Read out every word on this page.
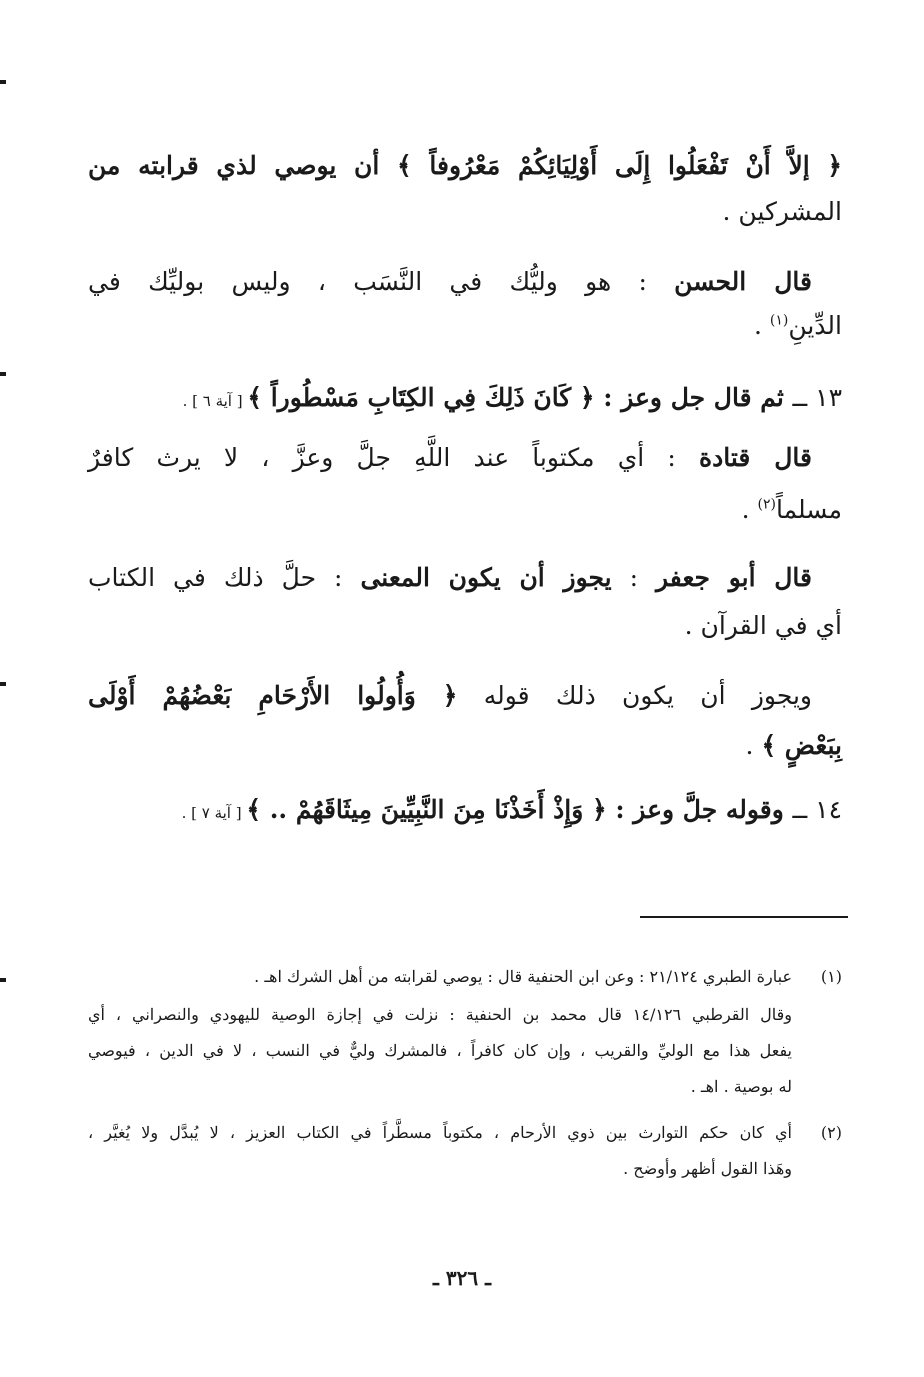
﴿ إلاَّ أَنْ تَفْعَلُوا إِلَى أَوْلِيَائِكُمْ مَعْرُوفاً ﴾ أن يوصي لذي قرابته من
المشركين .
قال الحسن : هو وليُّك في النَّسَب ، وليس بوليِّك في
الدِّينِ$^{(١)}$ .
١٣ ــ ثم قال جل وعز : ﴿ كَانَ ذَلِكَ فِي الكِتَابِ مَسْطُوراً ﴾ [ آية ٦ ] .
قال قتادة : أي مكتوباً عند اللَّهِ جلَّ وعزَّ ، لا يرث كافرٌ
مسلماً$^{(٢)}$ .
قال أبو جعفر : يجوز أن يكون المعنى : حلَّ ذلك في الكتاب
أي في القرآن .
ويجوز أن يكون ذلك قوله ﴿ وَأُولُوا الأَرْحَامِ بَعْضُهُمْ أَوْلَى
بِبَعْضٍ ﴾ .
١٤ ــ وقوله جلَّ وعز : ﴿ وَإِذْ أَخَذْنَا مِنَ النَّبِيِّينَ مِيثَاقَهُمْ .. ﴾ [ آية ٧ ] .
(١)
عبارة الطبري ٢١/١٢٤ : وعن ابن الحنفية قال : يوصي لقرابته من أهل الشرك اهـ .
وقال القرطبي ١٤/١٢٦ قال محمد بن الحنفية : نزلت في إجازة الوصية لليهودي والنصراني ، أي
يفعل هذا مع الوليِّ والقريب ، وإن كان كافراً ، فالمشرك وليٌّ في النسب ، لا في الدين ، فيوصي
له بوصية . اهـ .
(٢)
أي كان حكم التوارث بين ذوي الأرحام ، مكتوباً مسطَّراً في الكتاب العزيز ، لا يُبدَّل ولا يُغيَّر ،
وهَذا القول أظهر وأوضح .
ـ ٣٢٦ ـ
